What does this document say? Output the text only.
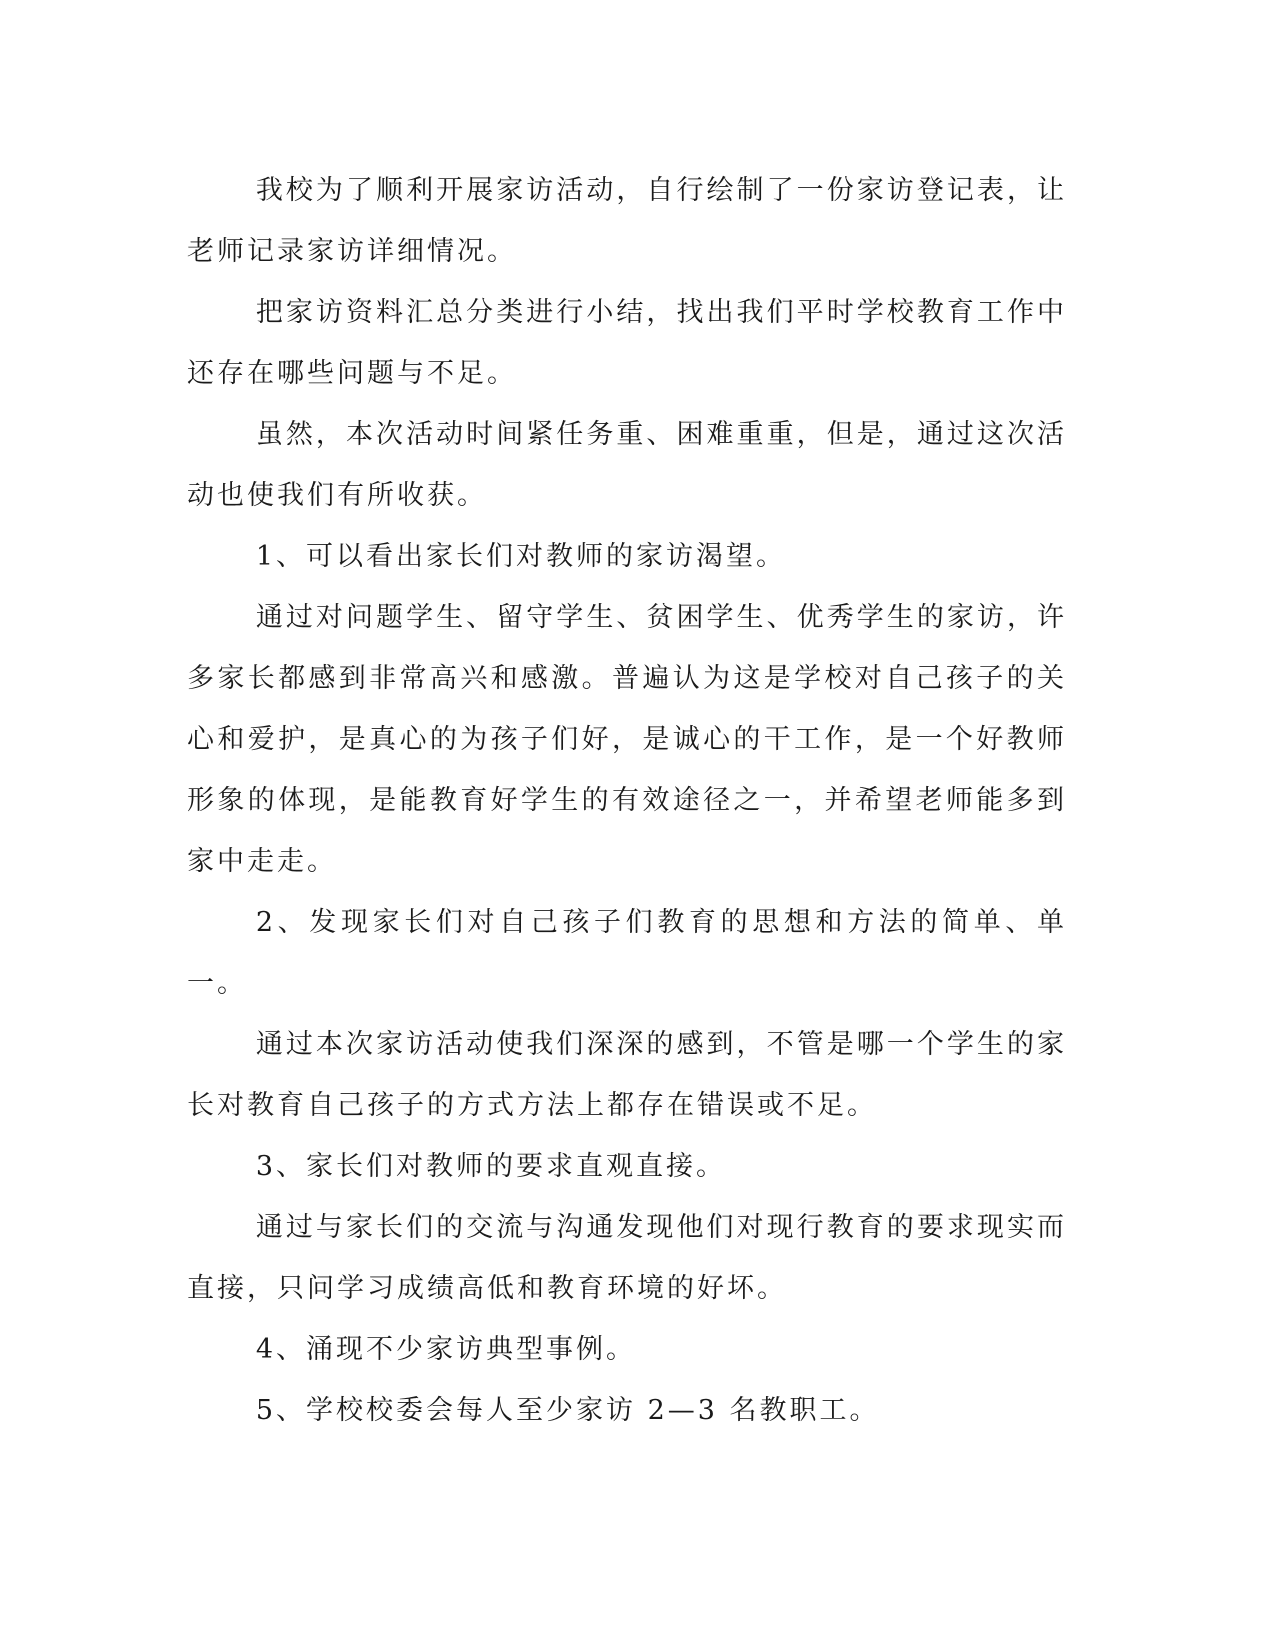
我校为了顺利开展家访活动，自行绘制了一份家访登记表，让老师记录家访详细情况。

把家访资料汇总分类进行小结，找出我们平时学校教育工作中还存在哪些问题与不足。

虽然，本次活动时间紧任务重、困难重重，但是，通过这次活动也使我们有所收获。

1、可以看出家长们对教师的家访渴望。

通过对问题学生、留守学生、贫困学生、优秀学生的家访，许多家长都感到非常高兴和感激。普遍认为这是学校对自己孩子的关心和爱护，是真心的为孩子们好，是诚心的干工作，是一个好教师形象的体现，是能教育好学生的有效途径之一，并希望老师能多到家中走走。

2、发现家长们对自己孩子们教育的思想和方法的简单、单一。

通过本次家访活动使我们深深的感到，不管是哪一个学生的家长对教育自己孩子的方式方法上都存在错误或不足。

3、家长们对教师的要求直观直接。

通过与家长们的交流与沟通发现他们对现行教育的要求现实而直接，只问学习成绩高低和教育环境的好坏。

4、涌现不少家访典型事例。

5、学校校委会每人至少家访 2—3 名教职工。
